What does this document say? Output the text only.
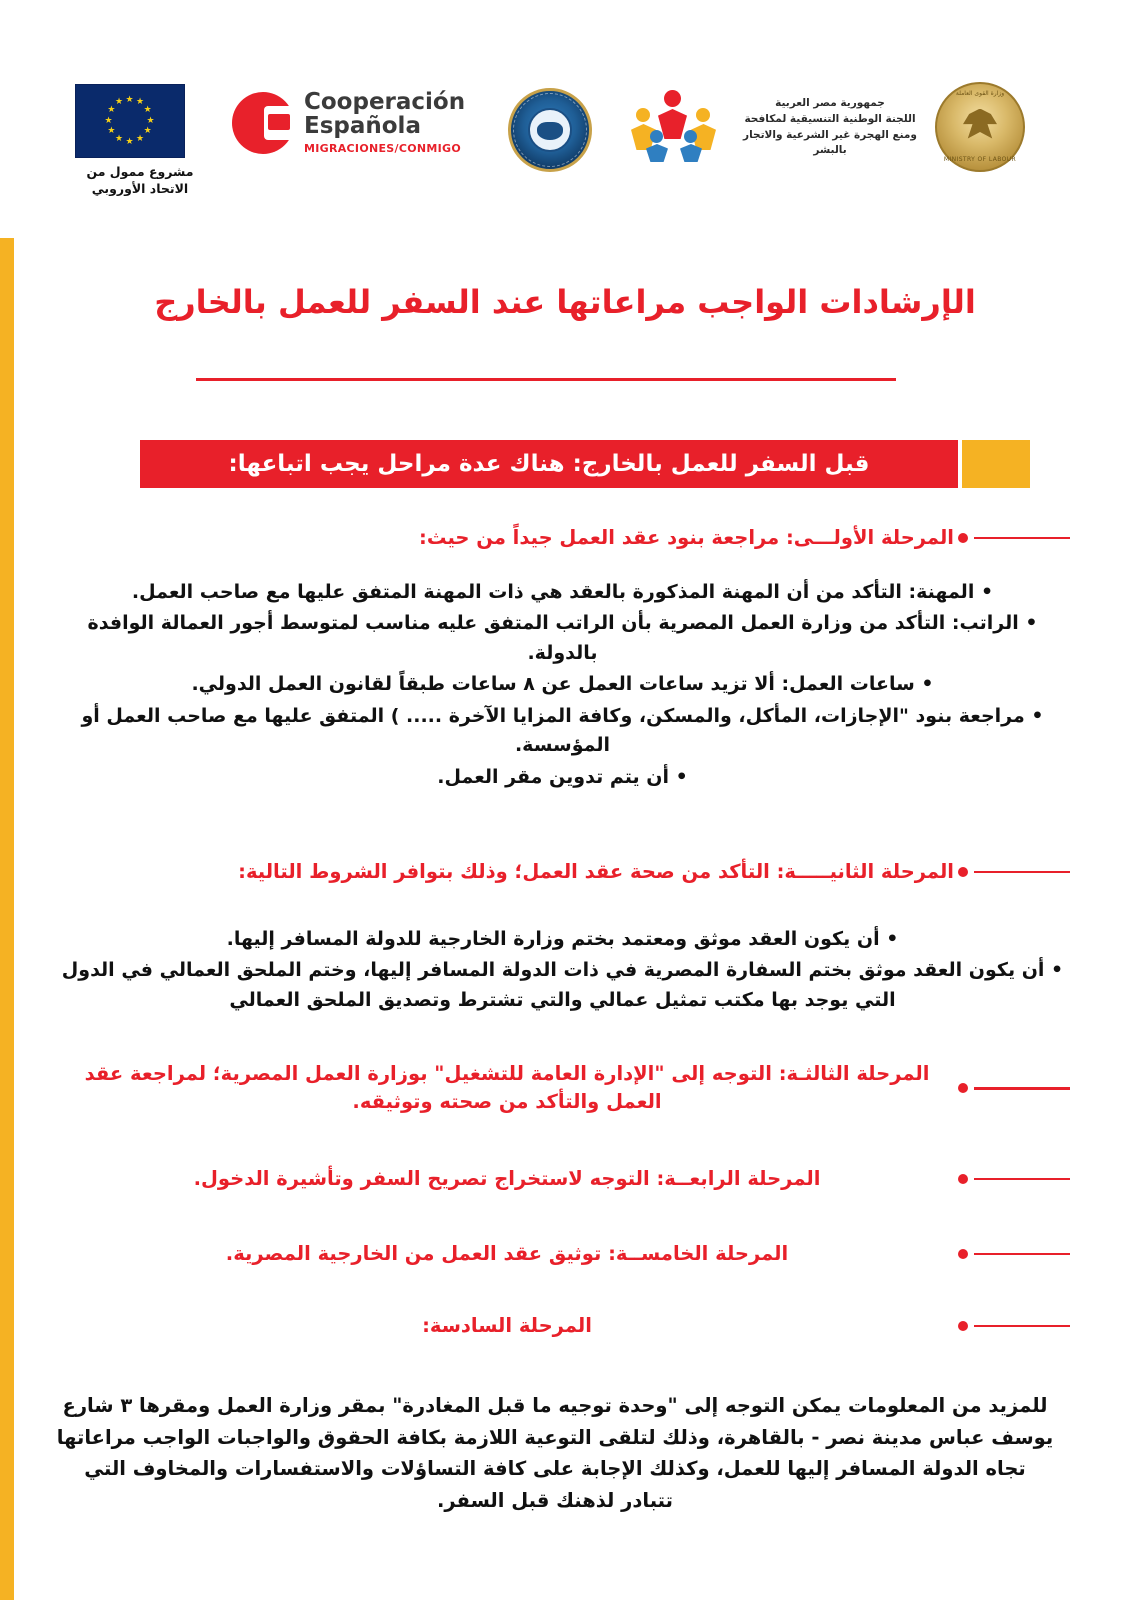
★ ★
★
★
★
★
★
★
★
★
★
★
مشروع ممول من
الاتحاد الأوروبي
Cooperación
Española
MIGRACIONES/CONMIGO
جمهورية مصر العربية
اللجنة الوطنية التنسيقية لمكافحة
ومنع الهجرة غير الشرعية والاتجار بالبشر
وزارة القوى العاملة
MINISTRY OF LABOUR
الإرشادات الواجب مراعاتها عند السفر للعمل بالخارج
قبل السفر للعمل بالخارج: هناك عدة مراحل يجب اتباعها:
المرحلة الأولـــى: مراجعة بنود عقد العمل جيداً من حيث:
• المهنة: التأكد من أن المهنة المذكورة بالعقد هي ذات المهنة المتفق عليها مع صاحب العمل.
• الراتب: التأكد من وزارة العمل المصرية بأن الراتب المتفق عليه مناسب لمتوسط أجور العمالة الوافدة بالدولة.
• ساعات العمل: ألا تزيد ساعات العمل عن ٨ ساعات طبقاً لقانون العمل الدولي.
• مراجعة بنود "الإجازات، المأكل، والمسكن، وكافة المزايا الآخرة ..... ) المتفق عليها مع صاحب العمل أو المؤسسة.
• أن يتم تدوين مقر العمل.
المرحلة الثانيـــــة: التأكد من صحة عقد العمل؛ وذلك بتوافر الشروط التالية:
• أن يكون العقد موثق ومعتمد بختم وزارة الخارجية للدولة المسافر إليها.
• أن يكون العقد موثق بختم السفارة المصرية في ذات الدولة المسافر إليها، وختم الملحق العمالي في الدول التي يوجد بها مكتب تمثيل عمالي والتي تشترط وتصديق الملحق العمالي
المرحلة الثالثـة: التوجه إلى "الإدارة العامة للتشغيل" بوزارة العمل المصرية؛ لمراجعة عقد العمل والتأكد من صحته وتوثيقه.
المرحلة الرابعــة: التوجه لاستخراج تصريح السفر وتأشيرة الدخول.
المرحلة الخامســة: توثيق عقد العمل من الخارجية المصرية.
المرحلة السادسة:
للمزيد من المعلومات يمكن التوجه إلى "وحدة توجيه ما قبل المغادرة" بمقر وزارة العمل ومقرها ٣ شارع يوسف عباس مدينة نصر - بالقاهرة، وذلك لتلقى التوعية اللازمة بكافة الحقوق والواجبات الواجب مراعاتها تجاه الدولة المسافر إليها للعمل، وكذلك الإجابة على كافة التساؤلات والاستفسارات والمخاوف التي تتبادر لذهنك قبل السفر.
